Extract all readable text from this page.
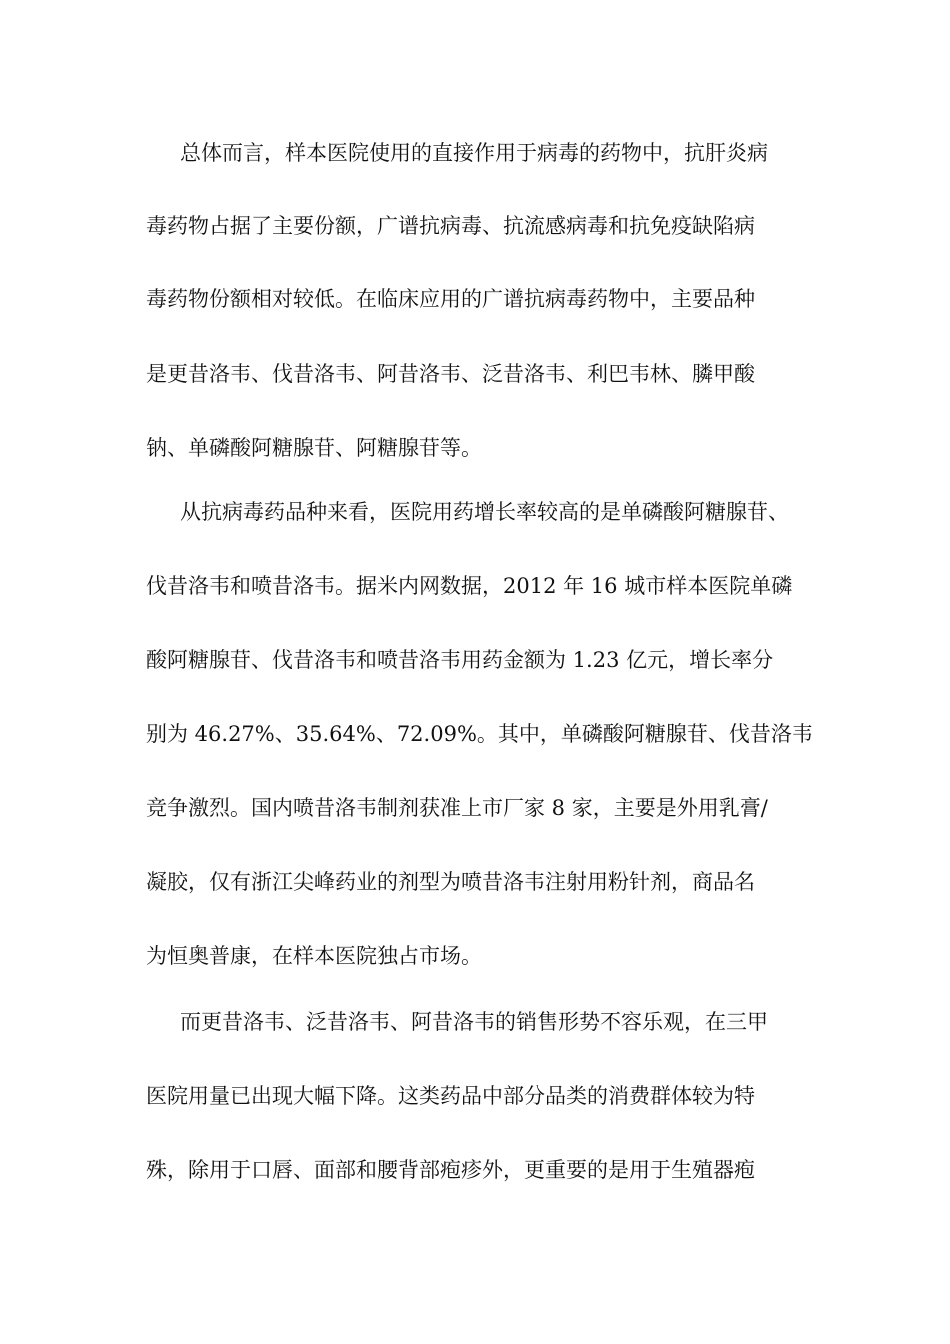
总体而言，样本医院使用的直接作用于病毒的药物中，抗肝炎病
毒药物占据了主要份额，广谱抗病毒、抗流感病毒和抗免疫缺陷病
毒药物份额相对较低。在临床应用的广谱抗病毒药物中，主要品种
是更昔洛韦、伐昔洛韦、阿昔洛韦、泛昔洛韦、利巴韦林、膦甲酸
钠、单磷酸阿糖腺苷、阿糖腺苷等。
从抗病毒药品种来看，医院用药增长率较高的是单磷酸阿糖腺苷、
伐昔洛韦和喷昔洛韦。据米内网数据，2012 年 16 城市样本医院单磷
酸阿糖腺苷、伐昔洛韦和喷昔洛韦用药金额为 1.23 亿元，增长率分
别为 46.27%、35.64%、72.09%。其中，单磷酸阿糖腺苷、伐昔洛韦
竞争激烈。国内喷昔洛韦制剂获准上市厂家 8 家，主要是外用乳膏/
凝胶，仅有浙江尖峰药业的剂型为喷昔洛韦注射用粉针剂，商品名
为恒奥普康，在样本医院独占市场。
而更昔洛韦、泛昔洛韦、阿昔洛韦的销售形势不容乐观，在三甲
医院用量已出现大幅下降。这类药品中部分品类的消费群体较为特
殊，除用于口唇、面部和腰背部疱疹外，更重要的是用于生殖器疱
